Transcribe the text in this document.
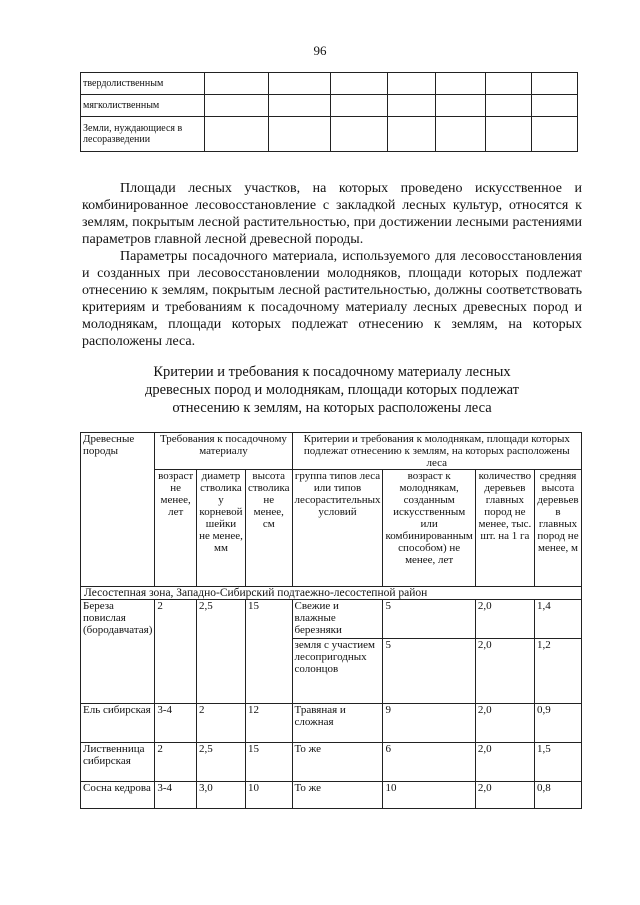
96
твердолиственным							
мягколиственным							
Земли, нуждающиеся в лесоразведении							

Площади лесных участков, на которых проведено искусственное и комбинированное лесовосстановление с закладкой лесных культур, относятся к землям, покрытым лесной растительностью, при достижении лесными растениями параметров главной лесной древесной породы.

Параметры посадочного материала, используемого для лесовосстановления и созданных при лесовосстановлении молодняков, площади которых подлежат отнесению к землям, покрытым лесной растительностью, должны соответствовать критериям и требованиям к посадочному материалу лесных древесных пород и молоднякам, площади которых подлежат отнесению к землям, на которых расположены леса.

Критерии и требования к посадочному материалу лесных
древесных пород и молоднякам, площади которых подлежат
отнесению к землям, на которых расположены леса
Древесные породы	Требования к посадочному материалу			Критерии и требования к молоднякам, площади которых подлежат отнесению к землям, на которых расположены леса			
	возраст не менее, лет	диаметр стволика у корневой шейки не менее, мм	высота стволика не менее, см	группа типов леса или типов лесорастительных условий	возраст к молоднякам, созданным искусственным или комбинированным способом) не менее, лет	количество деревьев главных пород не менее, тыс. шт. на 1 га	средняя высота деревьев в главных пород не менее, м
Лесостепная зона, Западно-Сибирский подтаежно-лесостепной район							
Береза повислая (бородавчатая)	2	2,5	15	Свежие и влажные березняки	5	2,0	1,4
				земля с участием лесопригодных солонцов	5	2,0	1,2
Ель сибирская	3-4	2	12	Травяная и сложная	9	2,0	0,9
Лиственница сибирская	2	2,5	15	То же	6	2,0	1,5
Сосна кедрова	3-4	3,0	10	То же	10	2,0	0,8
